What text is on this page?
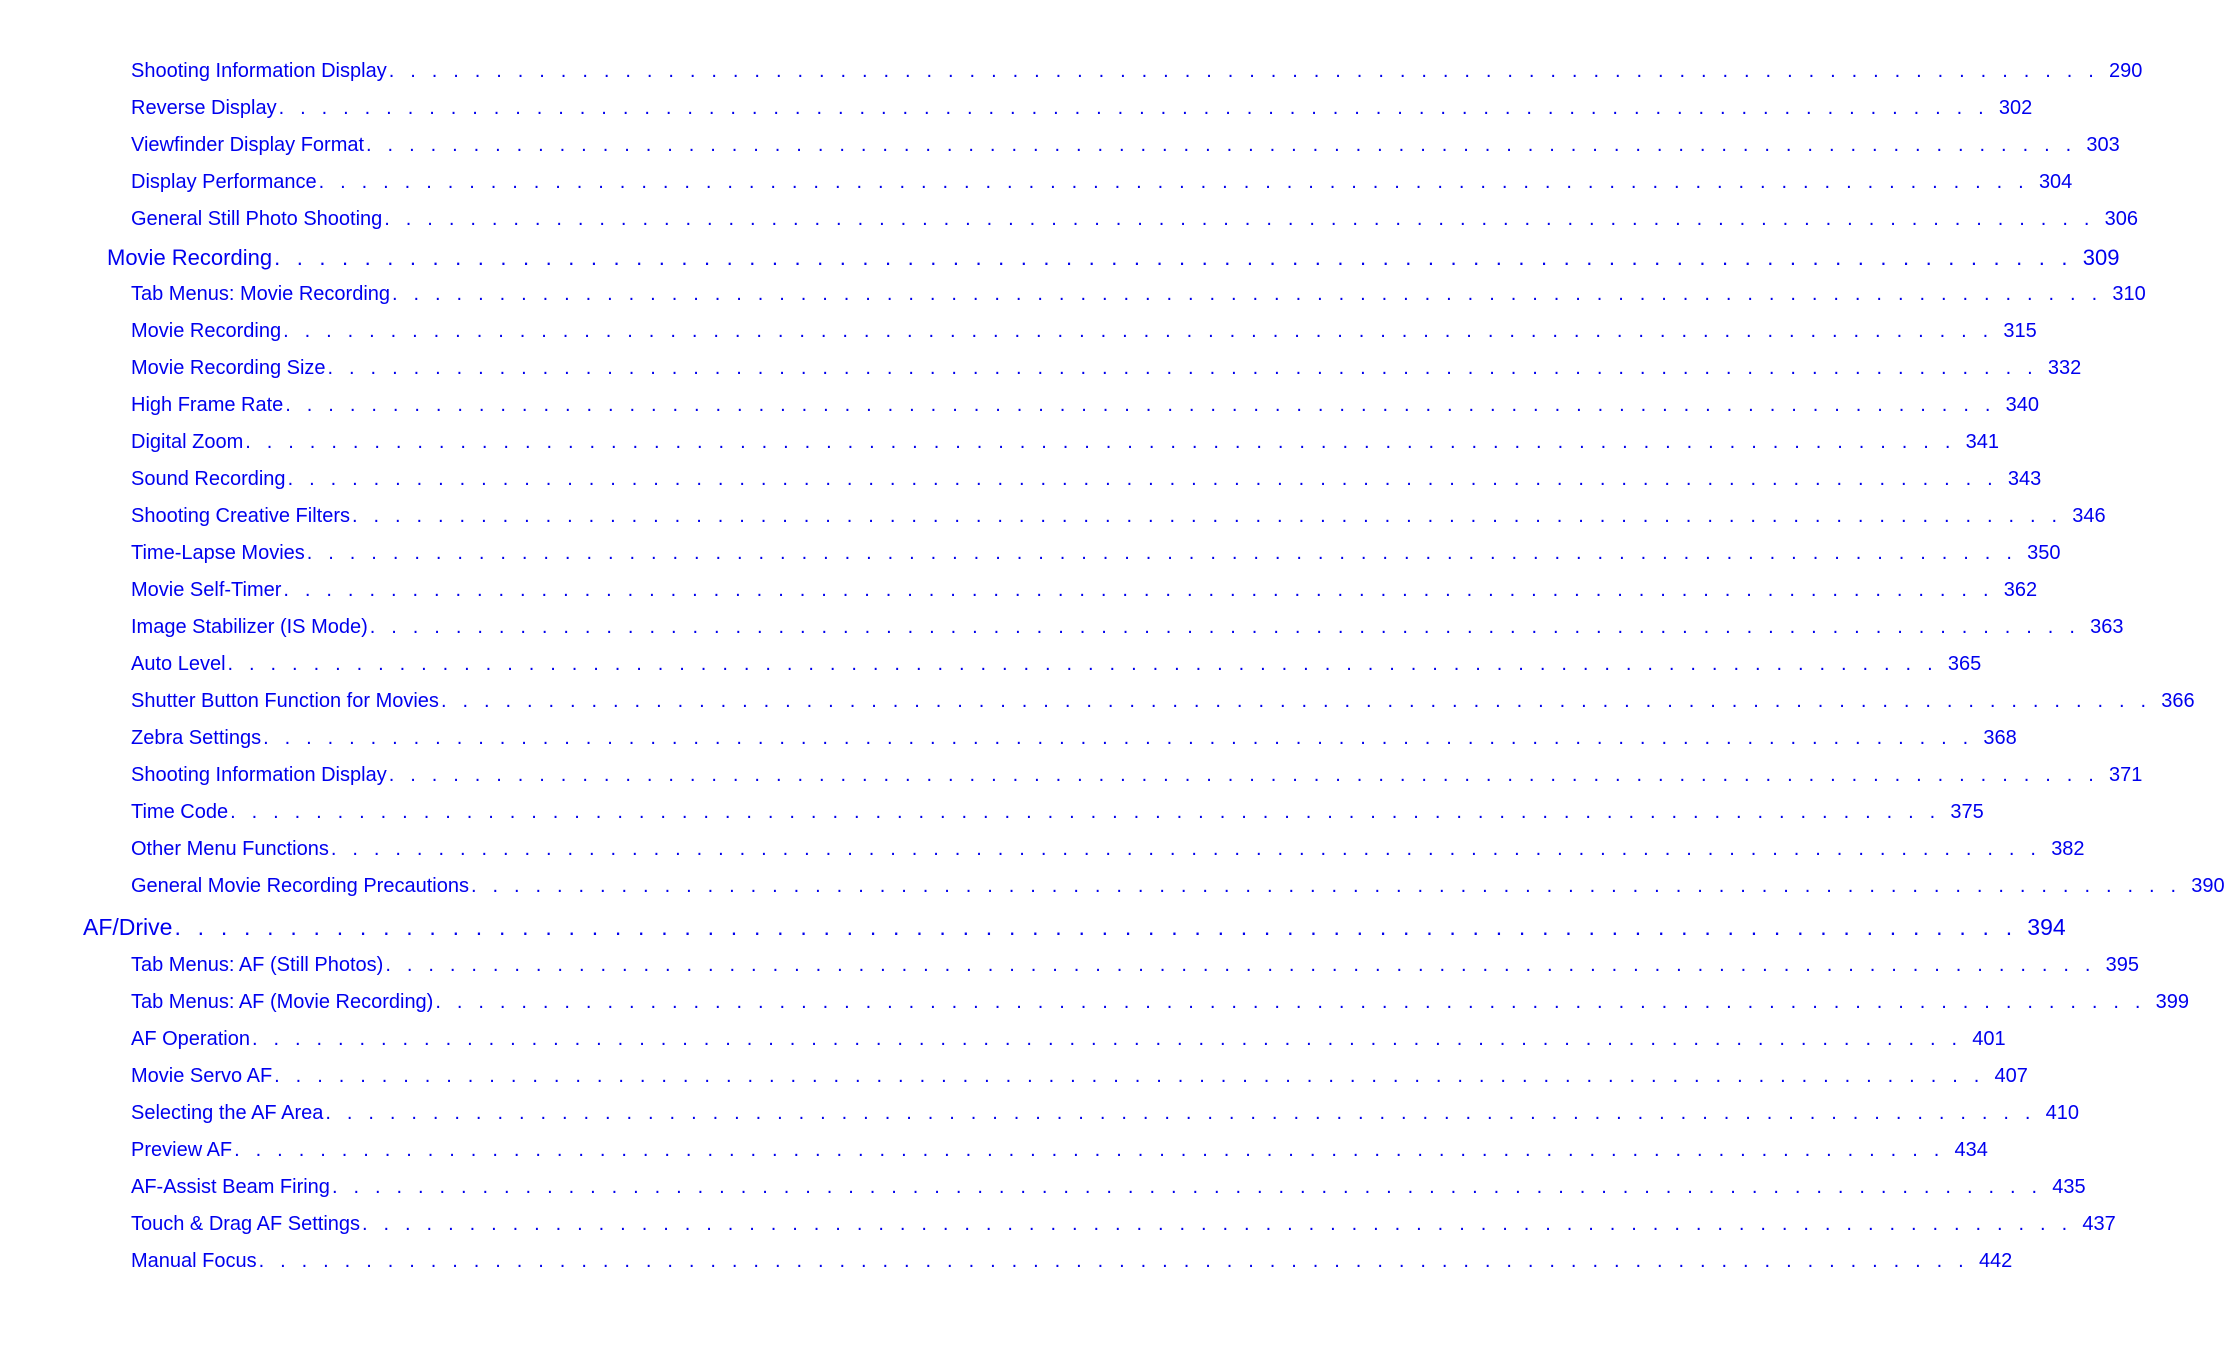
Shooting Information Display . . . . . . . . . . . . . . . . . . . . . . . . . . . . . . . . . . . . . . . . . . . . . . . . . . . . . . . . . . . . . . . . . . . . . . . . . . . . . . . . 290
Reverse Display . . . . . . . . . . . . . . . . . . . . . . . . . . . . . . . . . . . . . . . . . . . . . . . . . . . . . . . . . . . . . . . . . . . . . . . . . . . . . . . . 302
Viewfinder Display Format . . . . . . . . . . . . . . . . . . . . . . . . . . . . . . . . . . . . . . . . . . . . . . . . . . . . . . . . . . . . . . . . . . . . . . . . . . . . . . . . 303
Display Performance . . . . . . . . . . . . . . . . . . . . . . . . . . . . . . . . . . . . . . . . . . . . . . . . . . . . . . . . . . . . . . . . . . . . . . . . . . . . . . . . 304
General Still Photo Shooting . . . . . . . . . . . . . . . . . . . . . . . . . . . . . . . . . . . . . . . . . . . . . . . . . . . . . . . . . . . . . . . . . . . . . . . . . . . . . . . . 306
Movie Recording . . . . . . . . . . . . . . . . . . . . . . . . . . . . . . . . . . . . . . . . . . . . . . . . . . . . . . . . . . . . . . . . . . . . . . . . . . . . . . . . 309
Tab Menus: Movie Recording . . . . . . . . . . . . . . . . . . . . . . . . . . . . . . . . . . . . . . . . . . . . . . . . . . . . . . . . . . . . . . . . . . . . . . . . . . . . . . . . 310
Movie Recording . . . . . . . . . . . . . . . . . . . . . . . . . . . . . . . . . . . . . . . . . . . . . . . . . . . . . . . . . . . . . . . . . . . . . . . . . . . . . . . . 315
Movie Recording Size . . . . . . . . . . . . . . . . . . . . . . . . . . . . . . . . . . . . . . . . . . . . . . . . . . . . . . . . . . . . . . . . . . . . . . . . . . . . . . . . 332
High Frame Rate . . . . . . . . . . . . . . . . . . . . . . . . . . . . . . . . . . . . . . . . . . . . . . . . . . . . . . . . . . . . . . . . . . . . . . . . . . . . . . . . 340
Digital Zoom . . . . . . . . . . . . . . . . . . . . . . . . . . . . . . . . . . . . . . . . . . . . . . . . . . . . . . . . . . . . . . . . . . . . . . . . . . . . . . . . 341
Sound Recording . . . . . . . . . . . . . . . . . . . . . . . . . . . . . . . . . . . . . . . . . . . . . . . . . . . . . . . . . . . . . . . . . . . . . . . . . . . . . . . . 343
Shooting Creative Filters . . . . . . . . . . . . . . . . . . . . . . . . . . . . . . . . . . . . . . . . . . . . . . . . . . . . . . . . . . . . . . . . . . . . . . . . . . . . . . . . 346
Time-Lapse Movies . . . . . . . . . . . . . . . . . . . . . . . . . . . . . . . . . . . . . . . . . . . . . . . . . . . . . . . . . . . . . . . . . . . . . . . . . . . . . . . . 350
Movie Self-Timer . . . . . . . . . . . . . . . . . . . . . . . . . . . . . . . . . . . . . . . . . . . . . . . . . . . . . . . . . . . . . . . . . . . . . . . . . . . . . . . . 362
Image Stabilizer (IS Mode) . . . . . . . . . . . . . . . . . . . . . . . . . . . . . . . . . . . . . . . . . . . . . . . . . . . . . . . . . . . . . . . . . . . . . . . . . . . . . . . . 363
Auto Level . . . . . . . . . . . . . . . . . . . . . . . . . . . . . . . . . . . . . . . . . . . . . . . . . . . . . . . . . . . . . . . . . . . . . . . . . . . . . . . . 365
Shutter Button Function for Movies . . . . . . . . . . . . . . . . . . . . . . . . . . . . . . . . . . . . . . . . . . . . . . . . . . . . . . . . . . . . . . . . . . . . . . . . . . . . . . . . 366
Zebra Settings . . . . . . . . . . . . . . . . . . . . . . . . . . . . . . . . . . . . . . . . . . . . . . . . . . . . . . . . . . . . . . . . . . . . . . . . . . . . . . . . 368
Shooting Information Display . . . . . . . . . . . . . . . . . . . . . . . . . . . . . . . . . . . . . . . . . . . . . . . . . . . . . . . . . . . . . . . . . . . . . . . . . . . . . . . . 371
Time Code . . . . . . . . . . . . . . . . . . . . . . . . . . . . . . . . . . . . . . . . . . . . . . . . . . . . . . . . . . . . . . . . . . . . . . . . . . . . . . . . 375
Other Menu Functions . . . . . . . . . . . . . . . . . . . . . . . . . . . . . . . . . . . . . . . . . . . . . . . . . . . . . . . . . . . . . . . . . . . . . . . . . . . . . . . . 382
General Movie Recording Precautions . . . . . . . . . . . . . . . . . . . . . . . . . . . . . . . . . . . . . . . . . . . . . . . . . . . . . . . . . . . . . . . . . . . . . . . . . . . . . . . . 390
AF/Drive . . . . . . . . . . . . . . . . . . . . . . . . . . . . . . . . . . . . . . . . . . . . . . . . . . . . . . . . . . . . . . . . . . . . . . . . . . . . . . . . 394
Tab Menus: AF (Still Photos) . . . . . . . . . . . . . . . . . . . . . . . . . . . . . . . . . . . . . . . . . . . . . . . . . . . . . . . . . . . . . . . . . . . . . . . . . . . . . . . . 395
Tab Menus: AF (Movie Recording) . . . . . . . . . . . . . . . . . . . . . . . . . . . . . . . . . . . . . . . . . . . . . . . . . . . . . . . . . . . . . . . . . . . . . . . . . . . . . . . . 399
AF Operation . . . . . . . . . . . . . . . . . . . . . . . . . . . . . . . . . . . . . . . . . . . . . . . . . . . . . . . . . . . . . . . . . . . . . . . . . . . . . . . . 401
Movie Servo AF . . . . . . . . . . . . . . . . . . . . . . . . . . . . . . . . . . . . . . . . . . . . . . . . . . . . . . . . . . . . . . . . . . . . . . . . . . . . . . . . 407
Selecting the AF Area . . . . . . . . . . . . . . . . . . . . . . . . . . . . . . . . . . . . . . . . . . . . . . . . . . . . . . . . . . . . . . . . . . . . . . . . . . . . . . . . 410
Preview AF . . . . . . . . . . . . . . . . . . . . . . . . . . . . . . . . . . . . . . . . . . . . . . . . . . . . . . . . . . . . . . . . . . . . . . . . . . . . . . . . 434
AF-Assist Beam Firing . . . . . . . . . . . . . . . . . . . . . . . . . . . . . . . . . . . . . . . . . . . . . . . . . . . . . . . . . . . . . . . . . . . . . . . . . . . . . . . . 435
Touch & Drag AF Settings . . . . . . . . . . . . . . . . . . . . . . . . . . . . . . . . . . . . . . . . . . . . . . . . . . . . . . . . . . . . . . . . . . . . . . . . . . . . . . . . 437
Manual Focus . . . . . . . . . . . . . . . . . . . . . . . . . . . . . . . . . . . . . . . . . . . . . . . . . . . . . . . . . . . . . . . . . . . . . . . . . . . . . . . . 442
